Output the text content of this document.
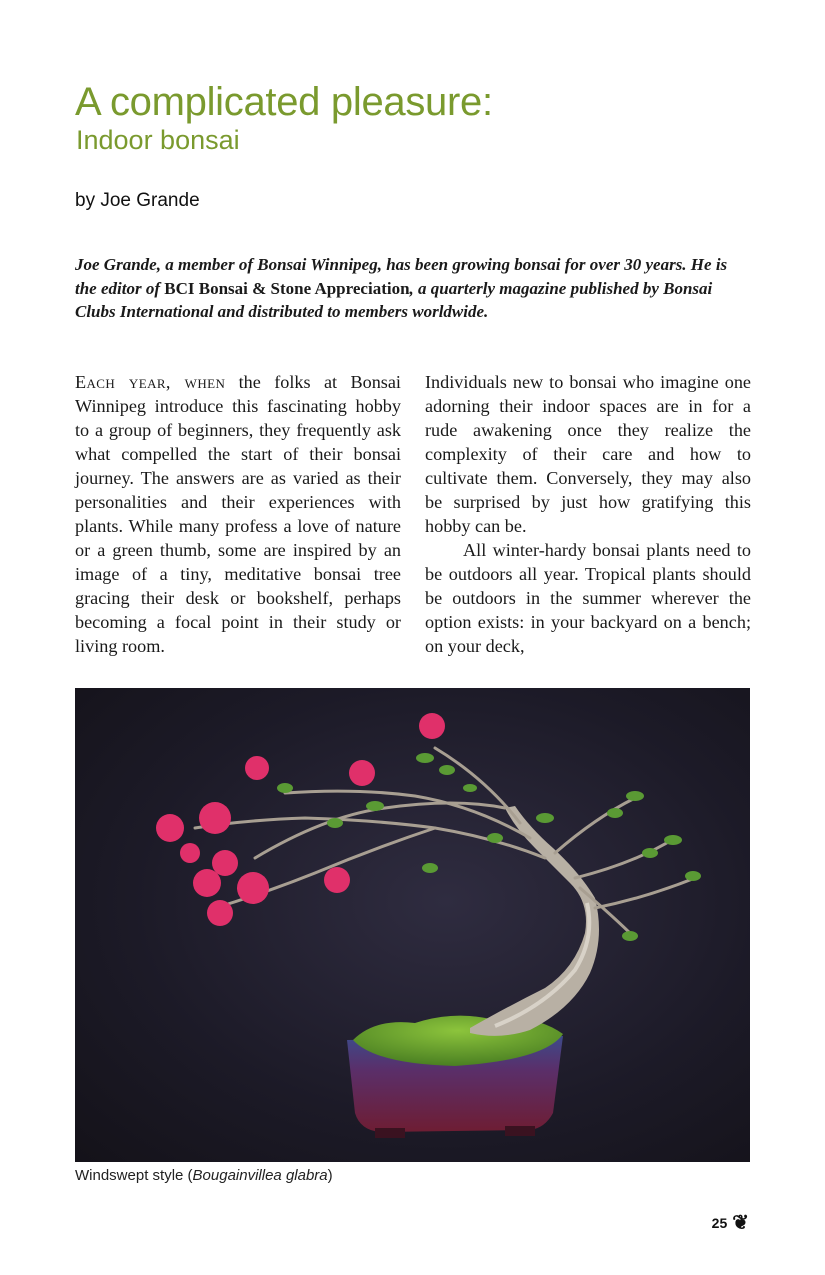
A complicated pleasure:
Indoor bonsai
by Joe Grande

Joe Grande, a member of Bonsai Winnipeg, has been growing bonsai for over 30 years. He is the editor of BCI Bonsai & Stone Appreciation, a quarterly magazine published by Bonsai Clubs International and distributed to members worldwide.

Each year, when the folks at Bonsai Winnipeg introduce this fascinating hobby to a group of beginners, they frequently ask what compelled the start of their bonsai journey. The answers are as varied as their personalities and their experiences with plants. While many profess a love of nature or a green thumb, some are inspired by an image of a tiny, meditative bonsai tree gracing their desk or bookshelf, perhaps becoming a focal point in their study or living room.

Individuals new to bonsai who imagine one adorning their indoor spaces are in for a rude awakening once they realize the complexity of their care and how to cultivate them. Conversely, they may also be surprised by just how gratifying this hobby can be.

All winter-hardy bonsai plants need to be outdoors all year. Tropical plants should be outdoors in the summer wherever the option exists: in your backyard on a bench; on your deck,

Windswept style (Bougainvillea glabra)
25 ❦
